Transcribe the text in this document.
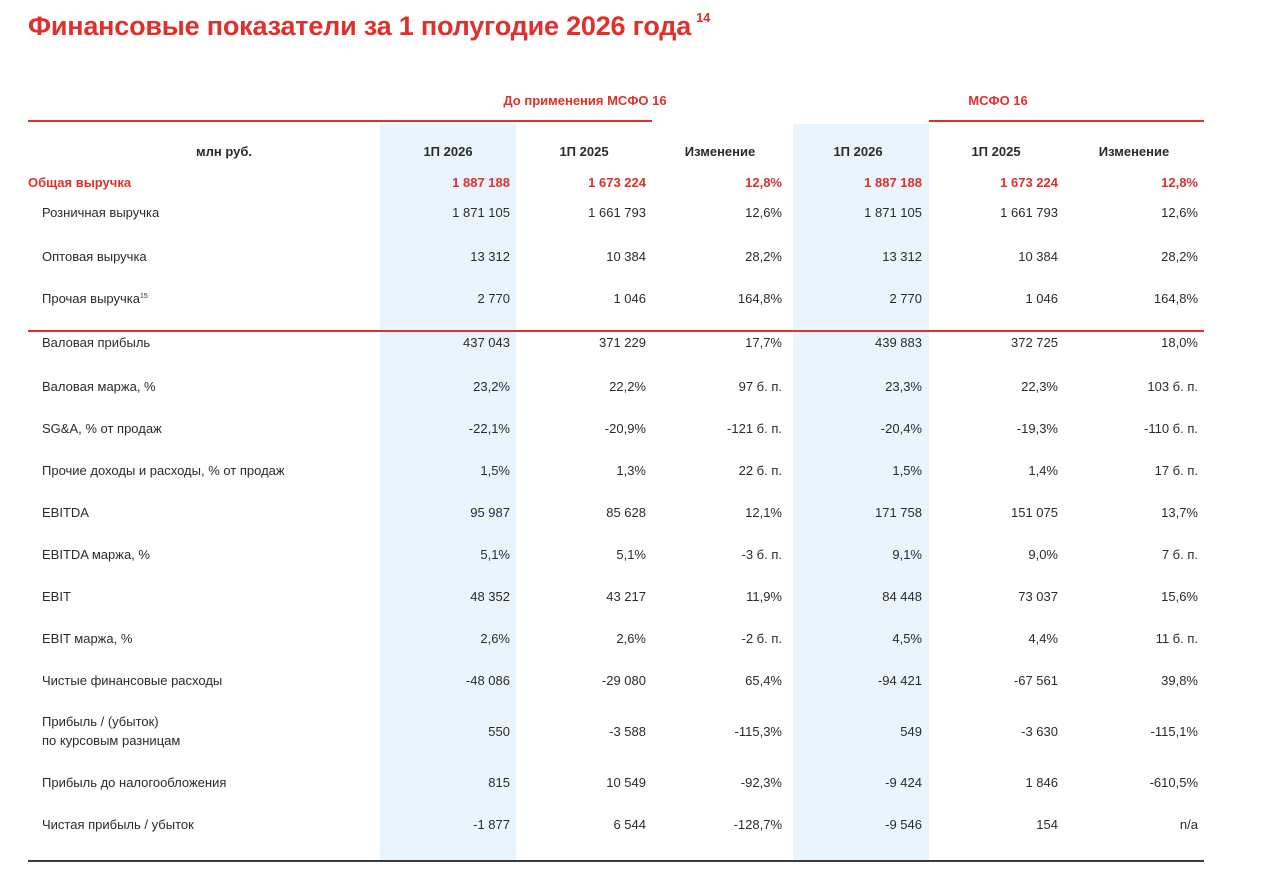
Финансовые показатели за 1 полугодие 2026 года $^{14}$
До применения МСФО 16	МСФО 16
млн руб.	1П 2026	1П 2025	Изменение	1П 2026	1П 2025	Изменение
Общая выручка	1 887 188	1 673 224	12,8%	1 887 188	1 673 224	12,8%
Розничная выручка	1 871 105	1 661 793	12,6%	1 871 105	1 661 793	12,6%
Оптовая выручка	13 312	10 384	28,2%	13 312	10 384	28,2%
Прочая выручка$^{15}$	2 770	1 046	164,8%	2 770	1 046	164,8%
Валовая прибыль	437 043	371 229	17,7%	439 883	372 725	18,0%
Валовая маржа, %	23,2%	22,2%	97 б. п.	23,3%	22,3%	103 б. п.
SG&A, % от продаж	-22,1%	-20,9%	-121 б. п.	-20,4%	-19,3%	-110 б. п.
Прочие доходы и расходы, % от продаж	1,5%	1,3%	22 б. п.	1,5%	1,4%	17 б. п.
EBITDA	95 987	85 628	12,1%	171 758	151 075	13,7%
EBITDA маржа, %	5,1%	5,1%	-3 б. п.	9,1%	9,0%	7 б. п.
EBIT	48 352	43 217	11,9%	84 448	73 037	15,6%
EBIT маржа, %	2,6%	2,6%	-2 б. п.	4,5%	4,4%	11 б. п.
Чистые финансовые расходы	-48 086	-29 080	65,4%	-94 421	-67 561	39,8%

Прибыль / (убыток)
по курсовым разницам	550	-3 588	-115,3%	549	-3 630	-115,1%
Прибыль до налогообложения	815	10 549	-92,3%	-9 424	1 846	-610,5%
Чистая прибыль / убыток	-1 877	6 544	-128,7%	-9 546	154	n/a
